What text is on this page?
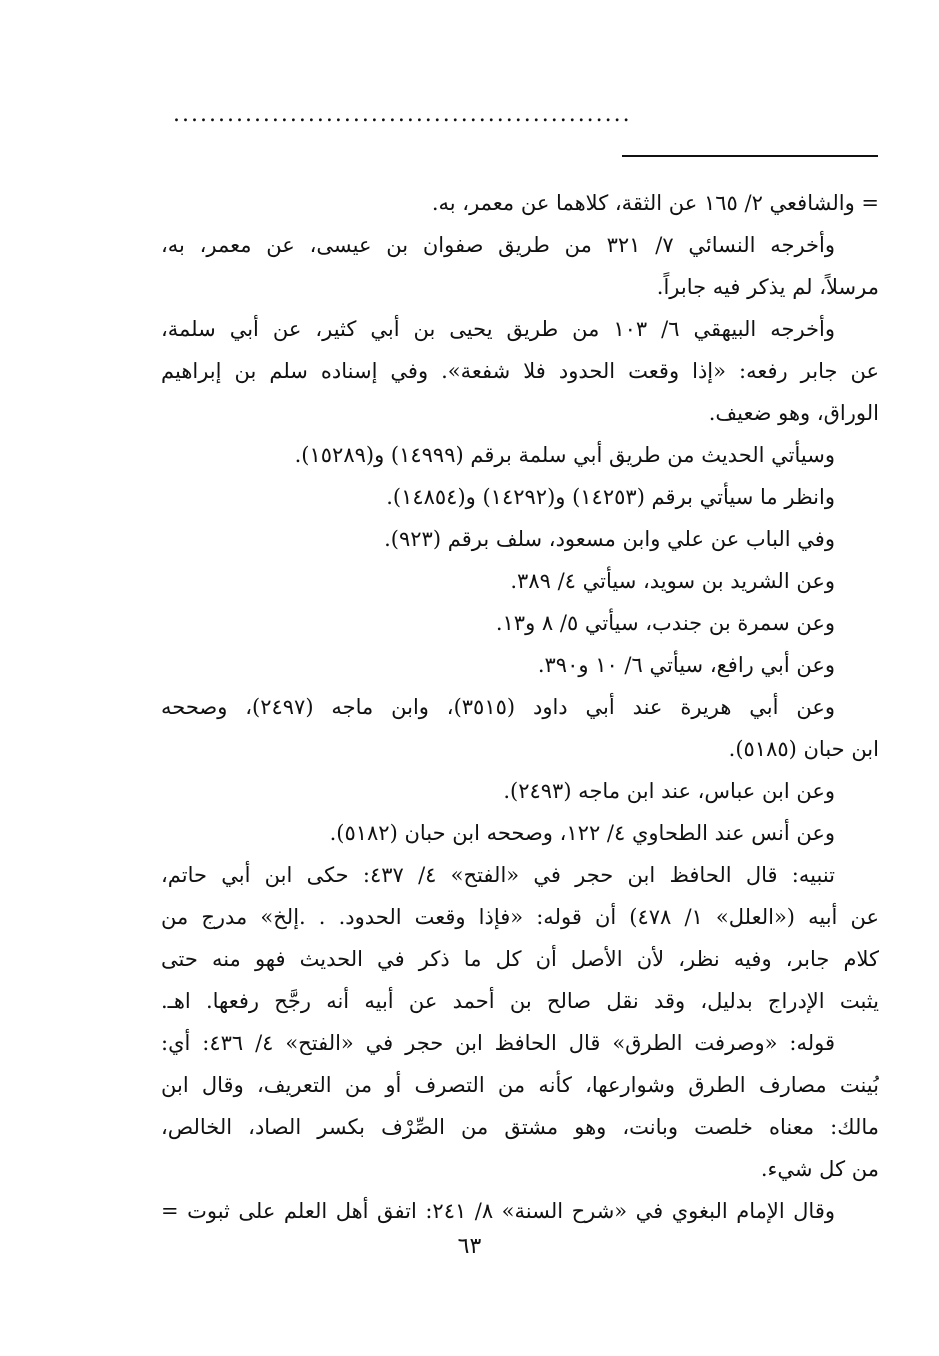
...................................................
= والشافعي ٢/ ١٦٥ عن الثقة، كلاهما عن معمر، به.
وأخرجه النسائي ٧/ ٣٢١ من طريق صفوان بن عيسى، عن معمر، به،
مرسلاً، لم يذكر فيه جابراً.
وأخرجه البيهقي ٦/ ١٠٣ من طريق يحيى بن أبي كثير، عن أبي سلمة،
عن جابر رفعه: «إذا وقعت الحدود فلا شفعة». وفي إسناده سلم بن إبراهيم
الوراق، وهو ضعيف.
وسيأتي الحديث من طريق أبي سلمة برقم (١٤٩٩٩) و(١٥٢٨٩).
وانظر ما سيأتي برقم (١٤٢٥٣) و(١٤٢٩٢) و(١٤٨٥٤).
وفي الباب عن علي وابن مسعود، سلف برقم (٩٢٣).
وعن الشريد بن سويد، سيأتي ٤/ ٣٨٩.
وعن سمرة بن جندب، سيأتي ٥/ ٨ و١٣.
وعن أبي رافع، سيأتي ٦/ ١٠ و٣٩٠.
وعن أبي هريرة عند أبي داود (٣٥١٥)، وابن ماجه (٢٤٩٧)، وصححه
ابن حبان (٥١٨٥).
وعن ابن عباس، عند ابن ماجه (٢٤٩٣).
وعن أنس عند الطحاوي ٤/ ١٢٢، وصححه ابن حبان (٥١٨٢).
تنبيه: قال الحافظ ابن حجر في «الفتح» ٤/ ٤٣٧: حكى ابن أبي حاتم،
عن أبيه («العلل» ١/ ٤٧٨) أن قوله: «فإذا وقعت الحدود. . .إلخ» مدرج من
كلام جابر، وفيه نظر، لأن الأصل أن كل ما ذكر في الحديث فهو منه حتى
يثبت الإدراج بدليل، وقد نقل صالح بن أحمد عن أبيه أنه رجَّح رفعها. اهـ.
قوله: «وصرفت الطرق» قال الحافظ ابن حجر في «الفتح» ٤/ ٤٣٦: أي:
بُينت مصارف الطرق وشوارعها، كأنه من التصرف أو من التعريف، وقال ابن
مالك: معناه خلصت وبانت، وهو مشتق من الصِّرْف بكسر الصاد، الخالص،
من كل شيء.
وقال الإمام البغوي في «شرح السنة» ٨/ ٢٤١: اتفق أهل العلم على ثبوت =
٦٣
